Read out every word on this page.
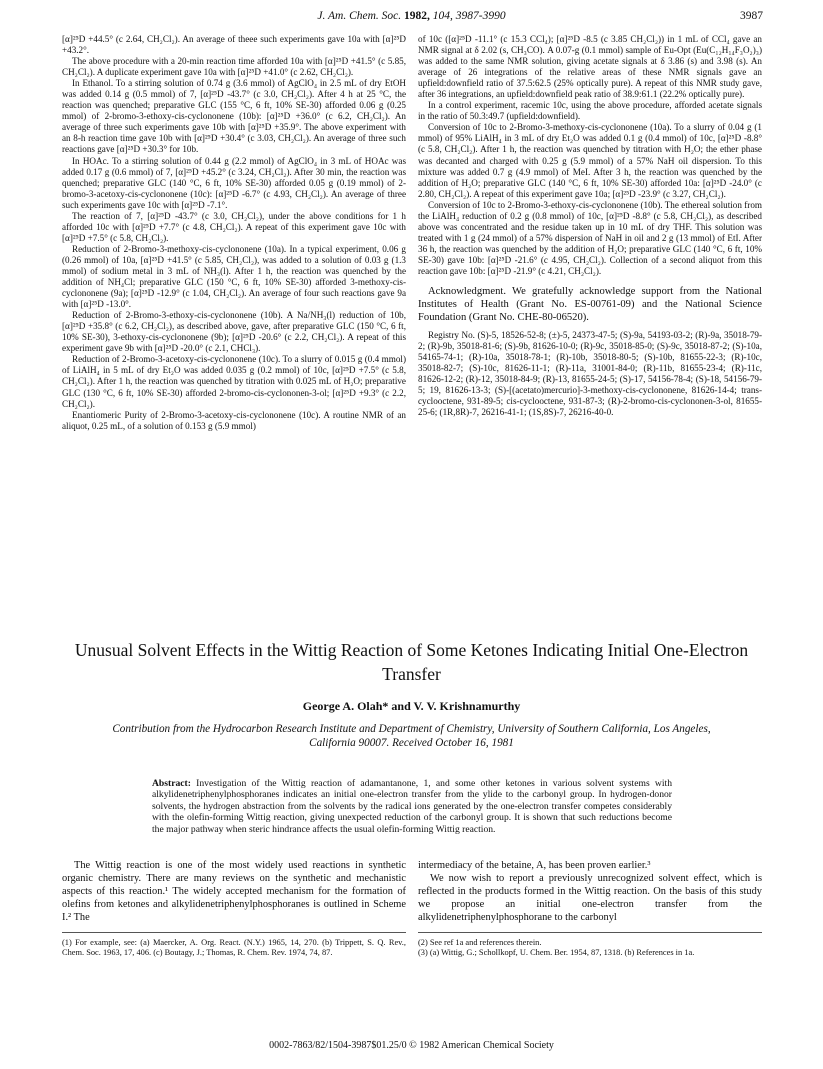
J. Am. Chem. Soc. 1982, 104, 3987-3990	3987

[α]²⁵D +44.5° (c 2.64, CH₂Cl₂). An average of theee such experiments gave 10a with [α]²⁵D +43.2°.

The above procedure with a 20-min reaction time afforded 10a with [α]²⁵D +41.5° (c 5.85, CH₂Cl₂). A duplicate experiment gave 10a with [α]²⁵D +41.0° (c 2.62, CH₂Cl₂).

In Ethanol. To a stirring solution of 0.74 g (3.6 mmol) of AgClO₄ in 2.5 mL of dry EtOH was added 0.14 g (0.5 mmol) of 7, [α]²⁵D -43.7° (c 3.0, CH₂Cl₂). After 4 h at 25 °C, the reaction was quenched; preparative GLC (155 °C, 6 ft, 10% SE-30) afforded 0.06 g (0.25 mmol) of 2-bromo-3-ethoxy-cis-cyclononene (10b): [α]²⁵D +36.0° (c 6.2, CH₂Cl₂). An average of three such experiments gave 10b with [α]²⁵D +35.9°. The above experiment with an 8-h reaction time gave 10b with [α]²⁵D +30.4° (c 3.03, CH₂Cl₂). An average of three such reactions gave [α]²⁵D +30.3° for 10b.

In HOAc. To a stirring solution of 0.44 g (2.2 mmol) of AgClO₄ in 3 mL of HOAc was added 0.17 g (0.6 mmol) of 7, [α]²⁵D +45.2° (c 3.24, CH₂Cl₂). After 30 min, the reaction was quenched; preparative GLC (140 °C, 6 ft, 10% SE-30) afforded 0.05 g (0.19 mmol) of 2-bromo-3-acetoxy-cis-cyclononene (10c): [α]²⁵D -6.7° (c 4.93, CH₂Cl₂). An average of three such experiments gave 10c with [α]²⁵D -7.1°.

The reaction of 7, [α]²⁵D -43.7° (c 3.0, CH₂Cl₂), under the above conditions for 1 h afforded 10c with [α]²⁵D +7.7° (c 4.8, CH₂Cl₂). A repeat of this experiment gave 10c with [α]²⁵D +7.5° (c 5.8, CH₂Cl₂).

Reduction of 2-Bromo-3-methoxy-cis-cyclononene (10a). In a typical experiment, 0.06 g (0.26 mmol) of 10a, [α]²⁵D +41.5° (c 5.85, CH₂Cl₂), was added to a solution of 0.03 g (1.3 mmol) of sodium metal in 3 mL of NH₃(l). After 1 h, the reaction was quenched by the addition of NH₄Cl; preparative GLC (150 °C, 6 ft, 10% SE-30) afforded 3-methoxy-cis-cyclononene (9a); [α]²⁵D -12.9° (c 1.04, CH₂Cl₂). An average of four such reactions gave 9a with [α]²⁵D -13.0°.

Reduction of 2-Bromo-3-ethoxy-cis-cyclononene (10b). A Na/NH₃(l) reduction of 10b, [α]²⁵D +35.8° (c 6.2, CH₂Cl₂), as described above, gave, after preparative GLC (150 °C, 6 ft, 10% SE-30), 3-ethoxy-cis-cyclononene (9b); [α]²⁵D -20.6° (c 2.2, CH₂Cl₂). A repeat of this experiment gave 9b with [α]²⁵D -20.0° (c 2.1, CHCl₃).

Reduction of 2-Bromo-3-acetoxy-cis-cyclononene (10c). To a slurry of 0.015 g (0.4 mmol) of LiAlH₄ in 5 mL of dry Et₂O was added 0.035 g (0.2 mmol) of 10c, [α]²⁵D +7.5° (c 5.8, CH₂Cl₂). After 1 h, the reaction was quenched by titration with 0.025 mL of H₂O; preparative GLC (130 °C, 6 ft, 10% SE-30) afforded 2-bromo-cis-cyclononen-3-ol; [α]²⁵D +9.3° (c 2.2, CH₂Cl₂).

Enantiomeric Purity of 2-Bromo-3-acetoxy-cis-cyclononene (10c). A routine NMR of an aliquot, 0.25 mL, of a solution of 0.153 g (5.9 mmol)

of 10c ([α]²⁵D -11.1° (c 15.3 CCl₄); [α]²⁵D -8.5 (c 3.85 CH₂Cl₂)) in 1 mL of CCl₄ gave an NMR signal at δ 2.02 (s, CH₃CO). A 0.07-g (0.1 mmol) sample of Eu-Opt (Eu(C₁₂H₁₄F₃O₂)₃) was added to the same NMR solution, giving acetate signals at δ 3.86 (s) and 3.98 (s). An average of 26 integrations of the relative areas of these NMR signals gave an upfield:downfield ratio of 37.5:62.5 (25% optically pure). A repeat of this NMR study gave, after 36 integrations, an upfield:downfield peak ratio of 38.9:61.1 (22.2% optically pure).

In a control experiment, racemic 10c, using the above procedure, afforded acetate signals in the ratio of 50.3:49.7 (upfield:downfield).

Conversion of 10c to 2-Bromo-3-methoxy-cis-cyclononene (10a). To a slurry of 0.04 g (1 mmol) of 95% LiAlH₄ in 3 mL of dry Et₂O was added 0.1 g (0.4 mmol) of 10c, [α]²⁵D -8.8° (c 5.8, CH₂Cl₂). After 1 h, the reaction was quenched by titration with H₂O; the ether phase was decanted and charged with 0.25 g (5.9 mmol) of a 57% NaH oil dispersion. To this mixture was added 0.7 g (4.9 mmol) of MeI. After 3 h, the reaction was quenched by the addition of H₂O; preparative GLC (140 °C, 6 ft, 10% SE-30) afforded 10a: [α]²⁵D -24.0° (c 2.80, CH₂Cl₂). A repeat of this experiment gave 10a; [α]²⁵D -23.9° (c 3.27, CH₂Cl₂).

Conversion of 10c to 2-Bromo-3-ethoxy-cis-cyclononene (10b). The ethereal solution from the LiAlH₄ reduction of 0.2 g (0.8 mmol) of 10c, [α]²⁵D -8.8° (c 5.8, CH₂Cl₂), as described above was concentrated and the residue taken up in 10 mL of dry THF. This solution was treated with 1 g (24 mmol) of a 57% dispersion of NaH in oil and 2 g (13 mmol) of EtI. After 36 h, the reaction was quenched by the addition of H₂O; preparative GLC (140 °C, 6 ft, 10% SE-30) gave 10b: [α]²⁵D -21.6° (c 4.95, CH₂Cl₂). Collection of a second aliquot from this reaction gave 10b: [α]²⁵D -21.9° (c 4.21, CH₂Cl₂).

Acknowledgment. We gratefully acknowledge support from the National Institutes of Health (Grant No. ES-00761-09) and the National Science Foundation (Grant No. CHE-80-06520).

Registry No. (S)-5, 18526-52-8; (±)-5, 24373-47-5; (S)-9a, 54193-03-2; (R)-9a, 35018-79-2; (R)-9b, 35018-81-6; (S)-9b, 81626-10-0; (R)-9c, 35018-85-0; (S)-9c, 35018-87-2; (S)-10a, 54165-74-1; (R)-10a, 35018-78-1; (R)-10b, 35018-80-5; (S)-10b, 81655-22-3; (R)-10c, 35018-82-7; (S)-10c, 81626-11-1; (R)-11a, 31001-84-0; (R)-11b, 81655-23-4; (R)-11c, 81626-12-2; (R)-12, 35018-84-9; (R)-13, 81655-24-5; (S)-17, 54156-78-4; (S)-18, 54156-79-5; 19, 81626-13-3; (S)-[(acetato)mercurio]-3-methoxy-cis-cyclononene, 81626-14-4; trans-cyclooctene, 931-89-5; cis-cyclooctene, 931-87-3; (R)-2-bromo-cis-cyclononen-3-ol, 81655-25-6; (1R,8R)-7, 26216-41-1; (1S,8S)-7, 26216-40-0.

Unusual Solvent Effects in the Wittig Reaction of Some Ketones Indicating Initial One-Electron Transfer
George A. Olah* and V. V. Krishnamurthy
Contribution from the Hydrocarbon Research Institute and Department of Chemistry, University of Southern California, Los Angeles, California 90007. Received October 16, 1981
Abstract: Investigation of the Wittig reaction of adamantanone, 1, and some other ketones in various solvent systems with alkylidenetriphenylphosphoranes indicates an initial one-electron transfer from the ylide to the carbonyl group. In hydrogen-donor solvents, the hydrogen abstraction from the solvents by the radical ions generated by the one-electron transfer competes considerably with the olefin-forming Wittig reaction, giving unexpected reduction of the carbonyl group. It is shown that such reductions become the major pathway when steric hindrance affects the usual olefin-forming Wittig reaction.

The Wittig reaction is one of the most widely used reactions in synthetic organic chemistry. There are many reviews on the synthetic and mechanistic aspects of this reaction.¹ The widely accepted mechanism for the formation of olefins from ketones and alkylidenetriphenylphosphoranes is outlined in Scheme I.² The

intermediacy of the betaine, A, has been proven earlier.³

We now wish to report a previously unrecognized solvent effect, which is reflected in the products formed in the Wittig reaction. On the basis of this study we propose an initial one-electron transfer from the alkylidenetriphenylphosphorane to the carbonyl

(1) For example, see: (a) Maercker, A. Org. React. (N.Y.) 1965, 14, 270. (b) Trippett, S. Q. Rev., Chem. Soc. 1963, 17, 406. (c) Boutagy, J.; Thomas, R. Chem. Rev. 1974, 74, 87.

(2) See ref 1a and references therein.

(3) (a) Wittig, G.; Schollkopf, U. Chem. Ber. 1954, 87, 1318. (b) References in 1a.

0002-7863/82/1504-3987$01.25/0 © 1982 American Chemical Society
